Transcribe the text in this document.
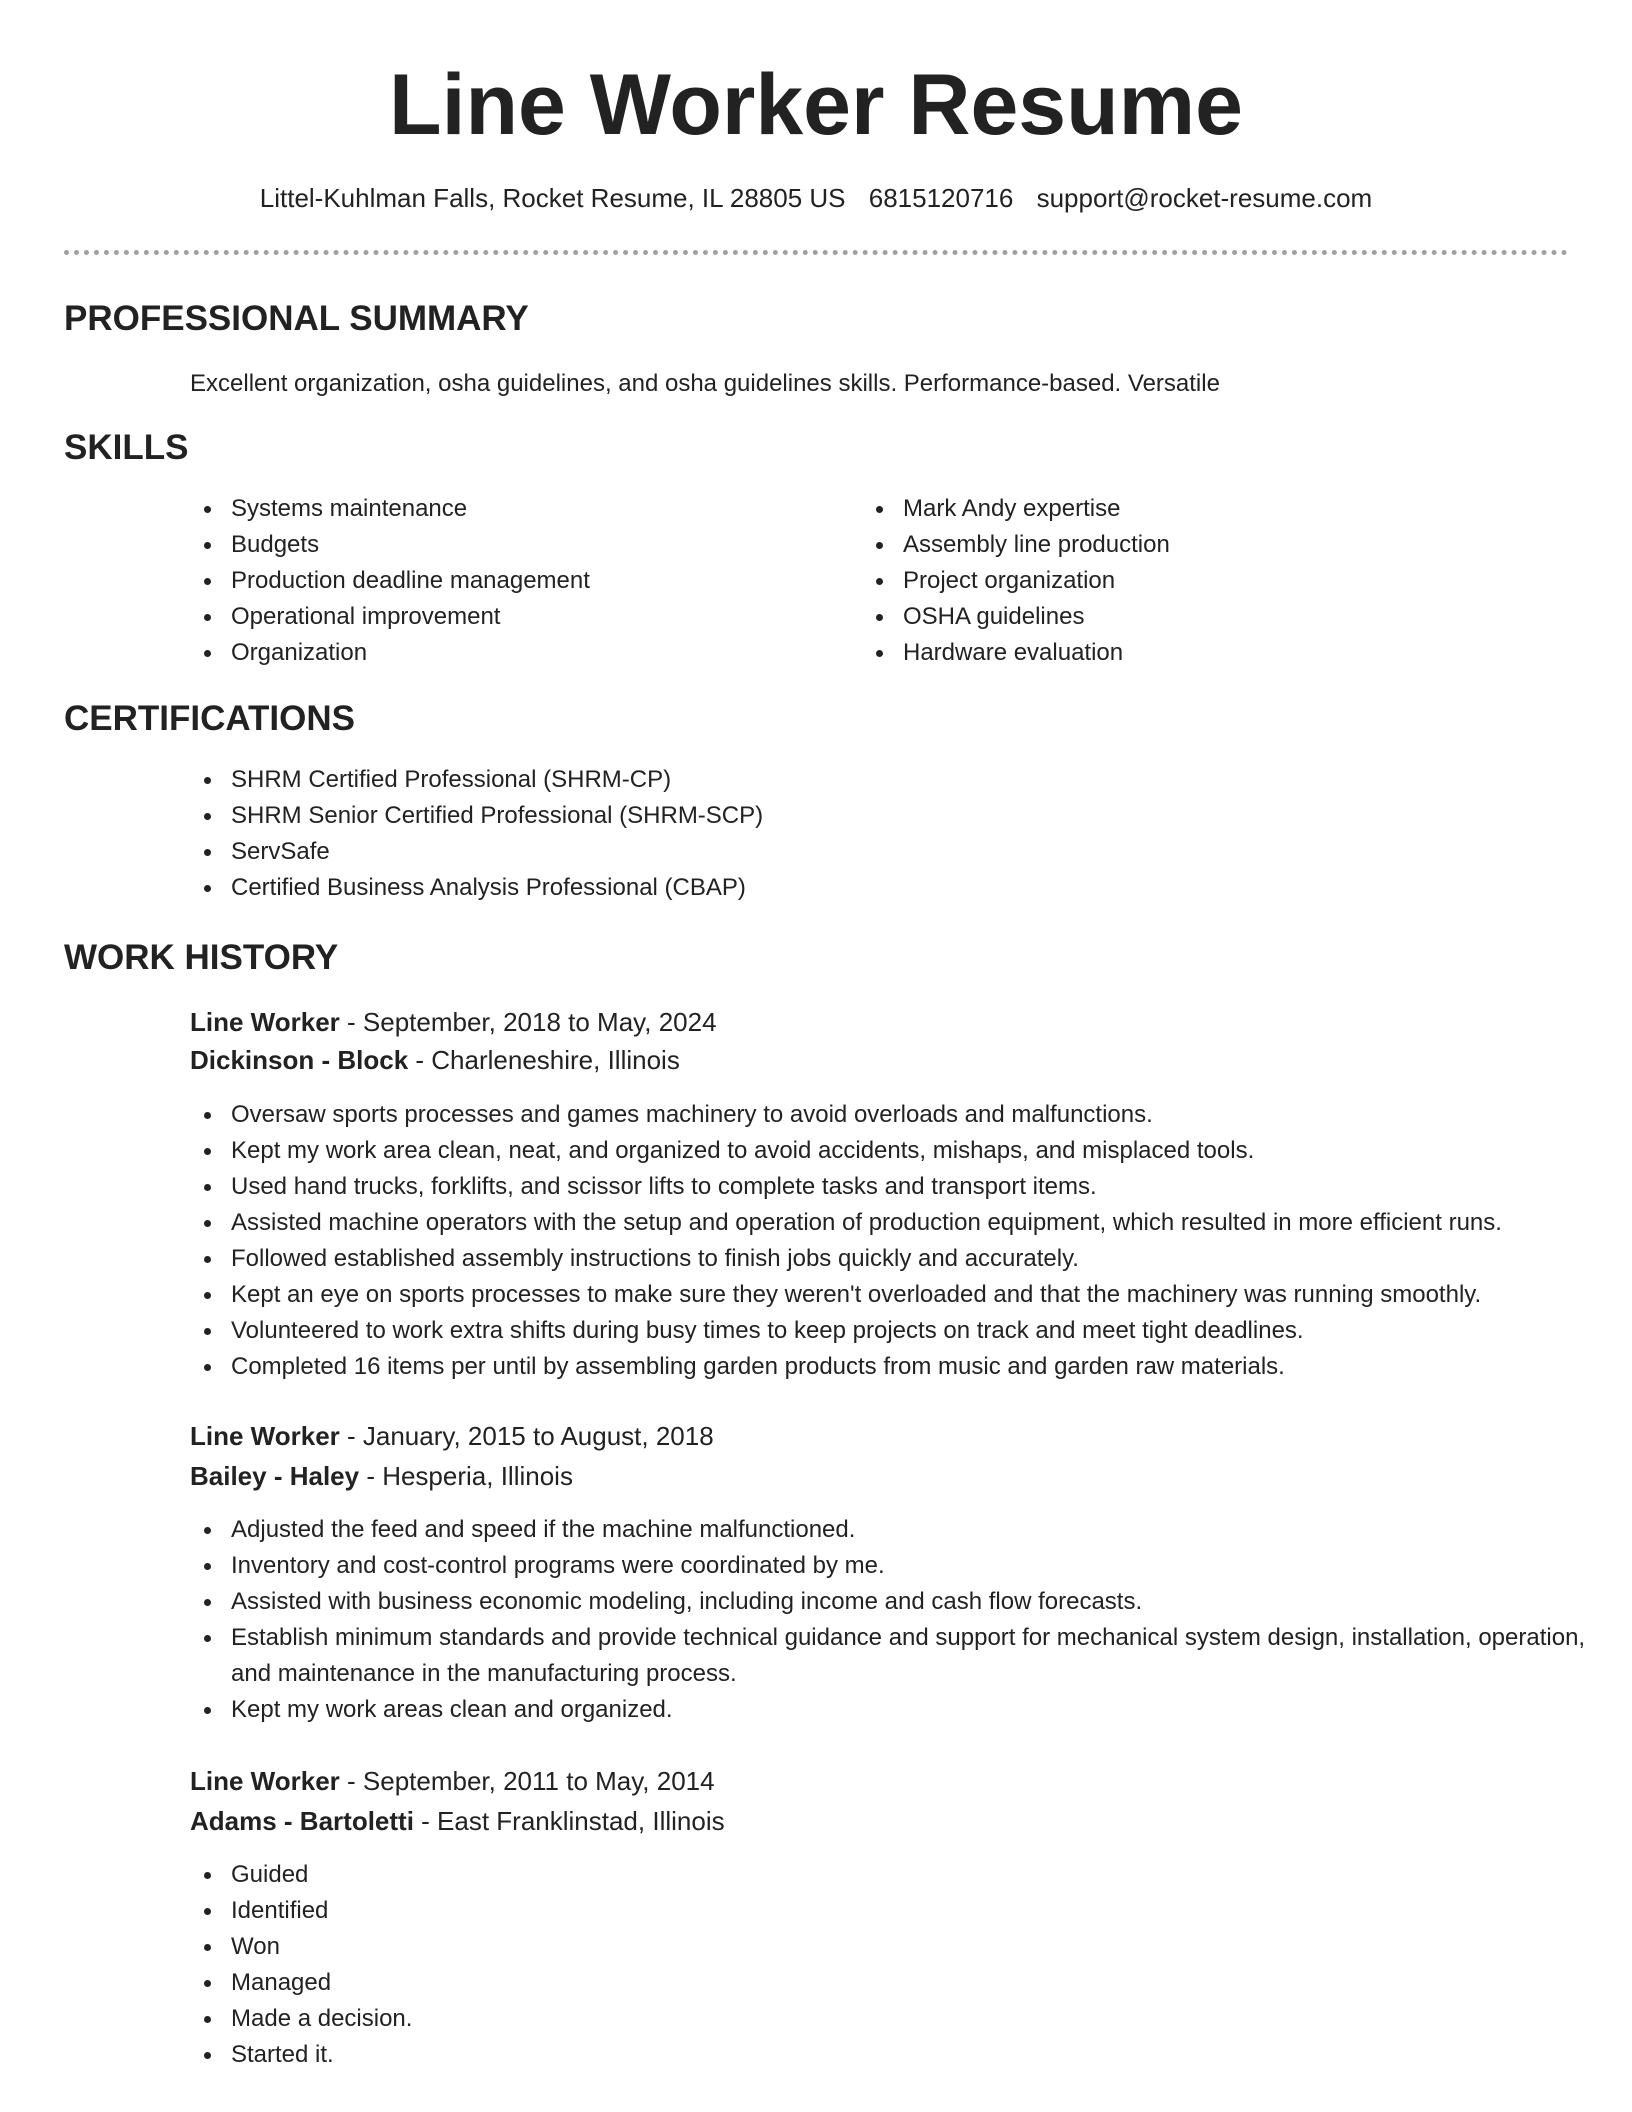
Line Worker Resume
Littel-Kuhlman Falls, Rocket Resume, IL 28805 US 6815120716 support@rocket-resume.com
PROFESSIONAL SUMMARY
Excellent organization, osha guidelines, and osha guidelines skills. Performance-based. Versatile
SKILLS
Systems maintenance
Budgets
Production deadline management
Operational improvement
Organization
Mark Andy expertise
Assembly line production
Project organization
OSHA guidelines
Hardware evaluation
CERTIFICATIONS
SHRM Certified Professional (SHRM-CP)
SHRM Senior Certified Professional (SHRM-SCP)
ServSafe
Certified Business Analysis Professional (CBAP)
WORK HISTORY
Line Worker - September, 2018 to May, 2024
Dickinson - Block - Charleneshire, Illinois
Oversaw sports processes and games machinery to avoid overloads and malfunctions.
Kept my work area clean, neat, and organized to avoid accidents, mishaps, and misplaced tools.
Used hand trucks, forklifts, and scissor lifts to complete tasks and transport items.
Assisted machine operators with the setup and operation of production equipment, which resulted in more efficient runs.
Followed established assembly instructions to finish jobs quickly and accurately.
Kept an eye on sports processes to make sure they weren't overloaded and that the machinery was running smoothly.
Volunteered to work extra shifts during busy times to keep projects on track and meet tight deadlines.
Completed 16 items per until by assembling garden products from music and garden raw materials.
Line Worker - January, 2015 to August, 2018
Bailey - Haley - Hesperia, Illinois
Adjusted the feed and speed if the machine malfunctioned.
Inventory and cost-control programs were coordinated by me.
Assisted with business economic modeling, including income and cash flow forecasts.
Establish minimum standards and provide technical guidance and support for mechanical system design, installation, operation, and maintenance in the manufacturing process.
Kept my work areas clean and organized.
Line Worker - September, 2011 to May, 2014
Adams - Bartoletti - East Franklinstad, Illinois
Guided
Identified
Won
Managed
Made a decision.
Started it.
